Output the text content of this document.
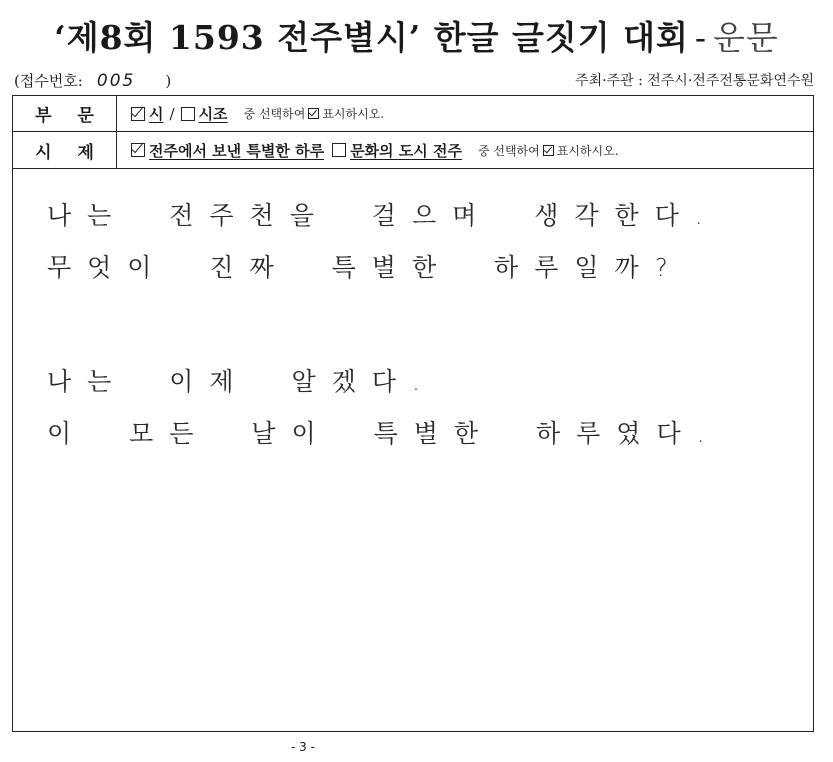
‘제8회 1593 전주별시’ 한글 글짓기 대회 - 운문
(접수번호: 005 )	주최·주관 : 전주시·전주전통문화연수원
부 문	시 / 시조 중 선택하여 표시하시오.
시 제	전주에서 보낸 특별한 하루 문화의 도시 전주 중 선택하여 표시하시오.
나는 전주천을 걸으며 생각한다.
무엇이 진짜 특별한 하루일까?
나는 이제 알겠다.
이 모든 날이 특별한 하루였다.
- 3 -
